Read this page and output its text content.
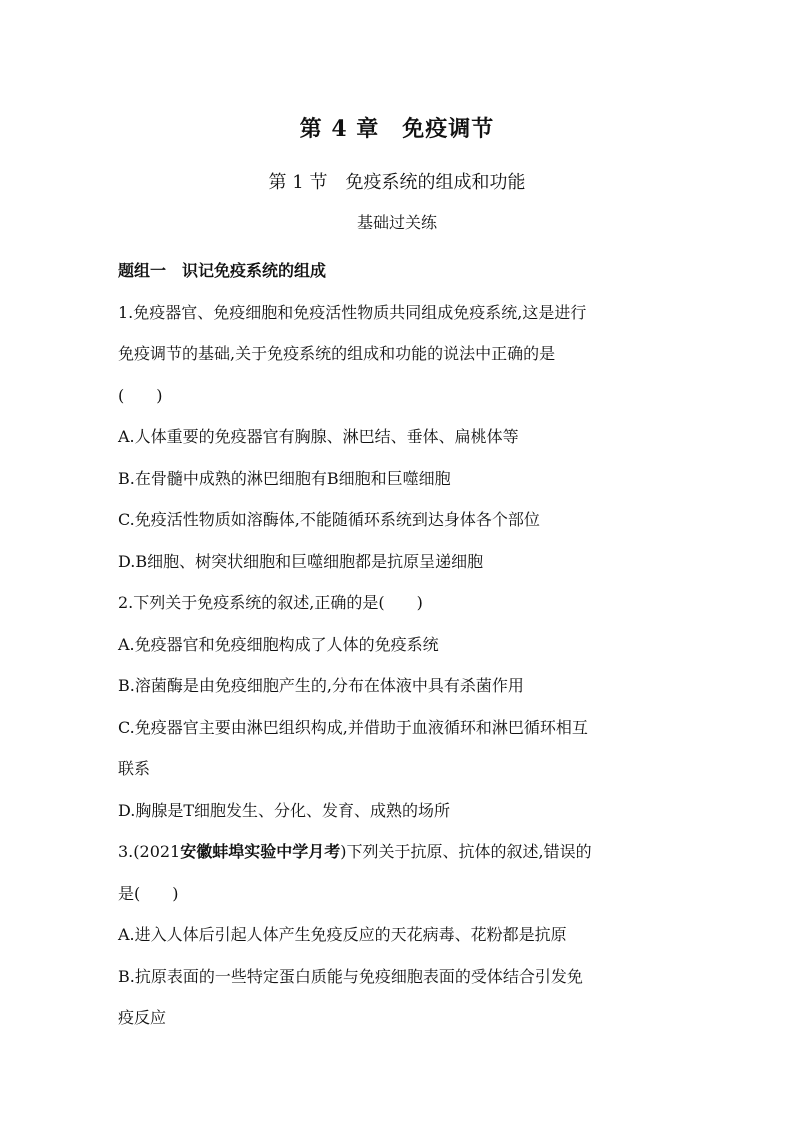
第 4 章　免疫调节
第 1 节　免疫系统的组成和功能
基础过关练

题组一　识记免疫系统的组成

1.免疫器官、免疫细胞和免疫活性物质共同组成免疫系统,这是进行

免疫调节的基础,关于免疫系统的组成和功能的说法中正确的是

(　　)

A.人体重要的免疫器官有胸腺、淋巴结、垂体、扁桃体等

B.在骨髓中成熟的淋巴细胞有B细胞和巨噬细胞

C.免疫活性物质如溶酶体,不能随循环系统到达身体各个部位

D.B细胞、树突状细胞和巨噬细胞都是抗原呈递细胞

2.下列关于免疫系统的叙述,正确的是(　　)

A.免疫器官和免疫细胞构成了人体的免疫系统

B.溶菌酶是由免疫细胞产生的,分布在体液中具有杀菌作用

C.免疫器官主要由淋巴组织构成,并借助于血液循环和淋巴循环相互

联系

D.胸腺是T细胞发生、分化、发育、成熟的场所

3.(2021安徽蚌埠实验中学月考)下列关于抗原、抗体的叙述,错误的

是(　　)

A.进入人体后引起人体产生免疫反应的天花病毒、花粉都是抗原

B.抗原表面的一些特定蛋白质能与免疫细胞表面的受体结合引发免

疫反应
